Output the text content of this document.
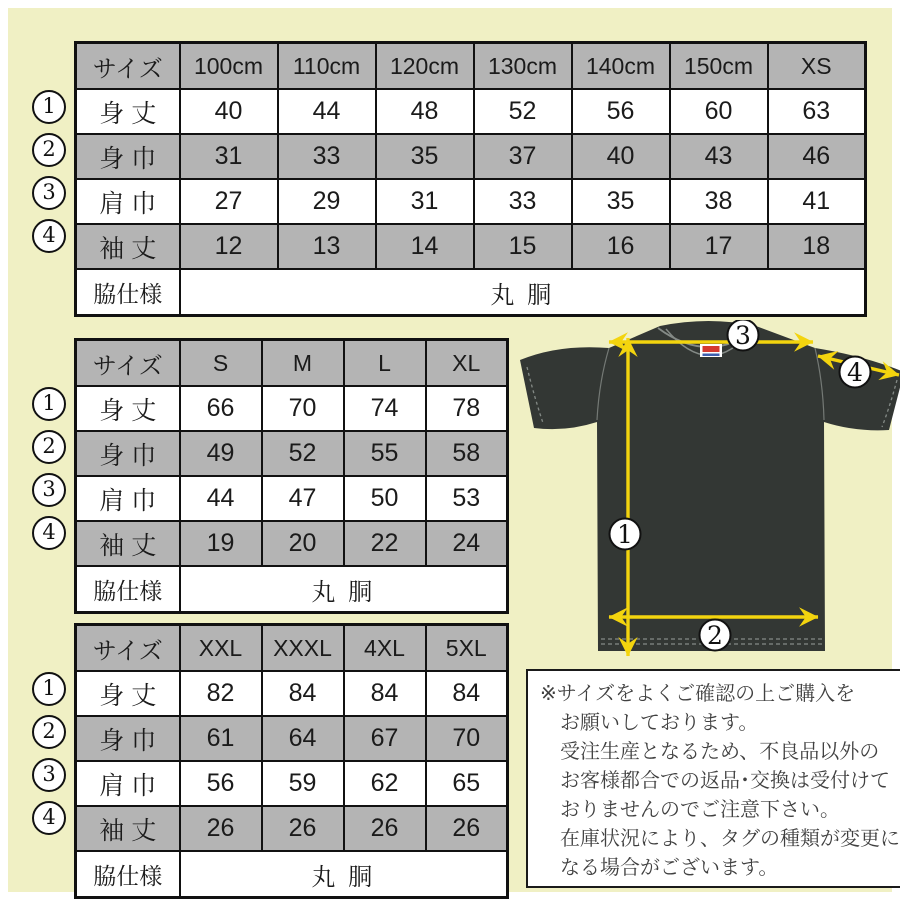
1
2
3
4
※サイズをよくご確認の上ご購入を
お願いしております。
受注生産となるため、不良品以外の
お客様都合での返品･交換は受付けて
おりませんのでご注意下さい。
在庫状況により、タグの種類が変更に
なる場合がございます。
1
2
3
4
サイズ	100cm	110cm	120cm	130cm	140cm	150cm	XS
身 丈	40	44	48	52	56	60	63
身 巾	31	33	35	37	40	43	46
肩 巾	27	29	31	33	35	38	41
袖 丈	12	13	14	15	16	17	18
脇仕様	丸 胴						
1
2
3
4
サイズ	S	M	L	XL
身 丈	66	70	74	78
身 巾	49	52	55	58
肩 巾	44	47	50	53
袖 丈	19	20	22	24
脇仕様	丸 胴			
1
2
3
4
サイズ	XXL	XXXL	4XL	5XL
身 丈	82	84	84	84
身 巾	61	64	67	70
肩 巾	56	59	62	65
袖 丈	26	26	26	26
脇仕様	丸 胴			
